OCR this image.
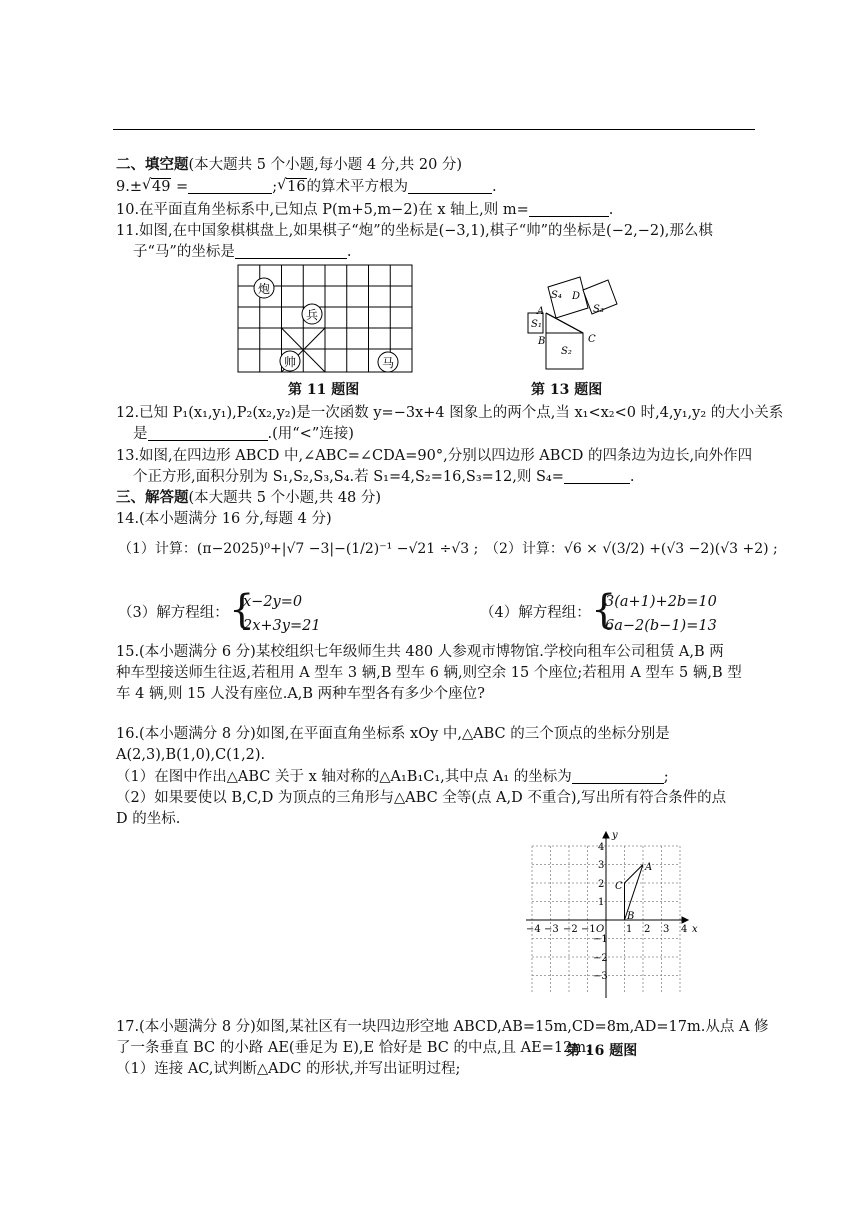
二、填空题(本大题共 5 个小题,每小题 4 分,共 20 分)
9.± √ 49 =	; √ 16的算术平方根为	.
10.在平面直角坐标系中,已知点 P(m+5,m−2)在 x 轴上,则 m=	.
11.如图,在中国象棋棋盘上,如果棋子“炮”的坐标是(−3,1),棋子“帅”的坐标是(−2,−2),那么棋
子“马”的坐标是	.
炮
兵
帅	马
第 11 题图
S₄ D
S₃
A
S₁
B	C
S₂
第 13 题图
12.已知 P₁(x₁,y₁),P₂(x₂,y₂)是一次函数 y=−3x+4 图象上的两个点,当 x₁<x₂<0 时,4,y₁,y₂ 的大小关系
是	.(用“<”连接)
13.如图,在四边形 ABCD 中,∠ABC=∠CDA=90°,分别以四边形 ABCD 的四条边为边长,向外作四
个正方形,面积分别为 S₁,S₂,S₃,S₄.若 S₁=4,S₂=16,S₃=12,则 S₄=	.
三、解答题(本大题共 5 个小题,共 48 分)
14.(本小题满分 16 分,每题 4 分)
（1）计算：(π−2025)⁰+|√7 −3|−(1/2)⁻¹ −√21 ÷√3 ; （2）计算：√6 × √(3/2) +(√3 −2)(√3 +2) ;
（3）解方程组： {
x−2y=0
2x+3y=21
（4）解方程组： {
3(a+1)+2b=10
6a−2(b−1)=13
15.(本小题满分 6 分)某校组织七年级师生共 480 人参观市博物馆.学校向租车公司租赁 A,B 两
种车型接送师生往返,若租用 A 型车 3 辆,B 型车 6 辆,则空余 15 个座位;若租用 A 型车 5 辆,B 型
车 4 辆,则 15 人没有座位.A,B 两种车型各有多少个座位?
16.(本小题满分 8 分)如图,在平面直角坐标系 xOy 中,△ABC 的三个顶点的坐标分别是
A(2,3),B(1,0),C(1,2).
（1）在图中作出△ABC 关于 x 轴对称的△A₁B₁C₁,其中点 A₁ 的坐标为	;
（2）如果要使以 B,C,D 为顶点的三角形与△ABC 全等(点 A,D 不重合),写出所有符合条件的点
D 的坐标.
y
x
O
A
B
C
−4 −3 −2 −1	1 2 3 4
4
3
2
1
−1
−2
−3
17.(本小题满分 8 分)如图,某社区有一块四边形空地 ABCD,AB=15m,CD=8m,AD=17m.从点 A 修
了一条垂直 BC 的小路 AE(垂足为 E),E 恰好是 BC 的中点,且 AE=12m.
第 16 题图
（1）连接 AC,试判断△ADC 的形状,并写出证明过程;
